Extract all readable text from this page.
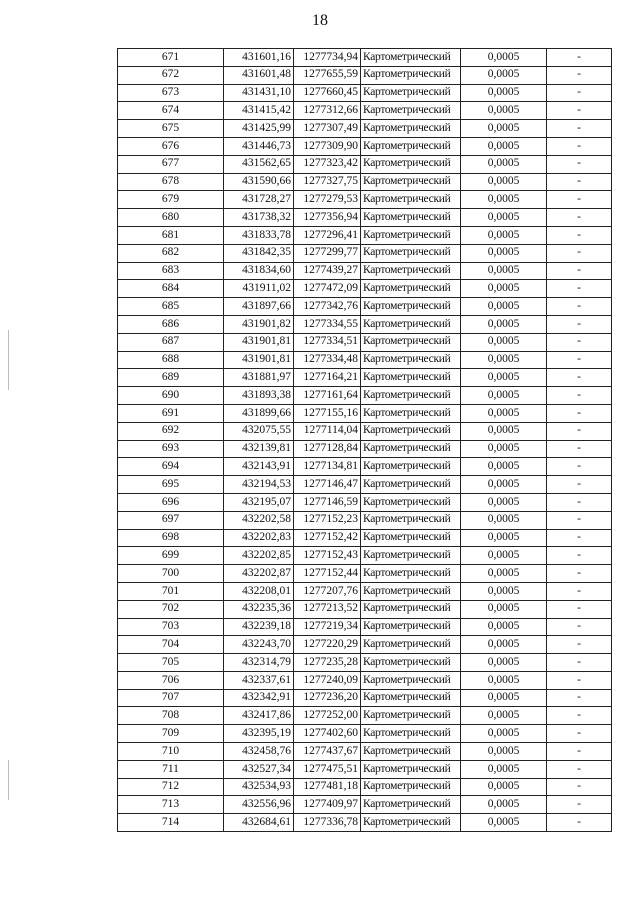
18
671	431601,16	1277734,94	Картометрический	0,0005	-
672	431601,48	1277655,59	Картометрический	0,0005	-
673	431431,10	1277660,45	Картометрический	0,0005	-
674	431415,42	1277312,66	Картометрический	0,0005	-
675	431425,99	1277307,49	Картометрический	0,0005	-
676	431446,73	1277309,90	Картометрический	0,0005	-
677	431562,65	1277323,42	Картометрический	0,0005	-
678	431590,66	1277327,75	Картометрический	0,0005	-
679	431728,27	1277279,53	Картометрический	0,0005	-
680	431738,32	1277356,94	Картометрический	0,0005	-
681	431833,78	1277296,41	Картометрический	0,0005	-
682	431842,35	1277299,77	Картометрический	0,0005	-
683	431834,60	1277439,27	Картометрический	0,0005	-
684	431911,02	1277472,09	Картометрический	0,0005	-
685	431897,66	1277342,76	Картометрический	0,0005	-
686	431901,82	1277334,55	Картометрический	0,0005	-
687	431901,81	1277334,51	Картометрический	0,0005	-
688	431901,81	1277334,48	Картометрический	0,0005	-
689	431881,97	1277164,21	Картометрический	0,0005	-
690	431893,38	1277161,64	Картометрический	0,0005	-
691	431899,66	1277155,16	Картометрический	0,0005	-
692	432075,55	1277114,04	Картометрический	0,0005	-
693	432139,81	1277128,84	Картометрический	0,0005	-
694	432143,91	1277134,81	Картометрический	0,0005	-
695	432194,53	1277146,47	Картометрический	0,0005	-
696	432195,07	1277146,59	Картометрический	0,0005	-
697	432202,58	1277152,23	Картометрический	0,0005	-
698	432202,83	1277152,42	Картометрический	0,0005	-
699	432202,85	1277152,43	Картометрический	0,0005	-
700	432202,87	1277152,44	Картометрический	0,0005	-
701	432208,01	1277207,76	Картометрический	0,0005	-
702	432235,36	1277213,52	Картометрический	0,0005	-
703	432239,18	1277219,34	Картометрический	0,0005	-
704	432243,70	1277220,29	Картометрический	0,0005	-
705	432314,79	1277235,28	Картометрический	0,0005	-
706	432337,61	1277240,09	Картометрический	0,0005	-
707	432342,91	1277236,20	Картометрический	0,0005	-
708	432417,86	1277252,00	Картометрический	0,0005	-
709	432395,19	1277402,60	Картометрический	0,0005	-
710	432458,76	1277437,67	Картометрический	0,0005	-
711	432527,34	1277475,51	Картометрический	0,0005	-
712	432534,93	1277481,18	Картометрический	0,0005	-
713	432556,96	1277409,97	Картометрический	0,0005	-
714	432684,61	1277336,78	Картометрический	0,0005	-
